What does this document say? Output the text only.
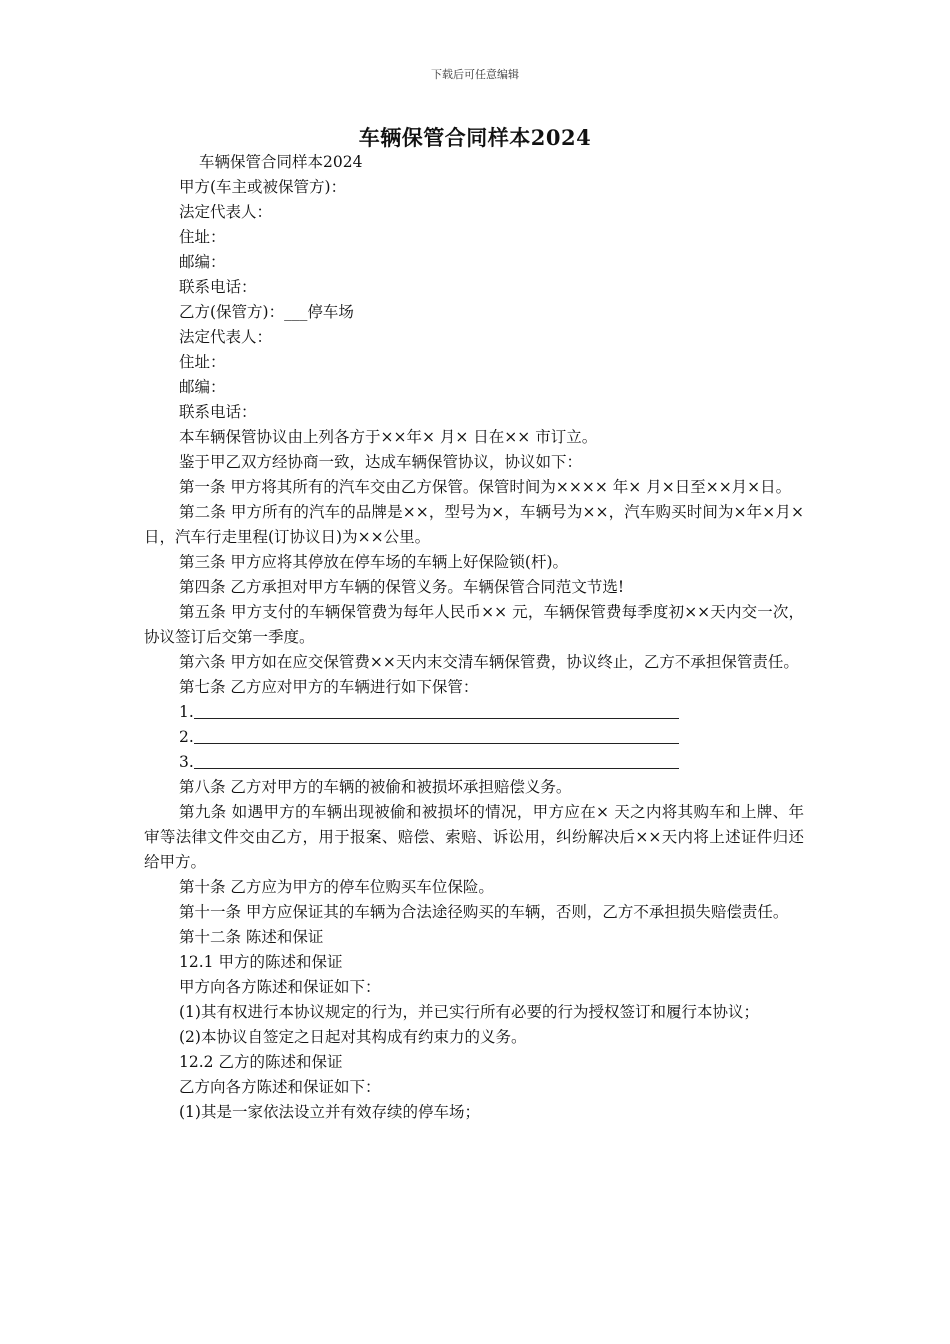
下载后可任意编辑
车辆保管合同样本2024

车辆保管合同样本2024

甲方(车主或被保管方)：

法定代表人：

住址：

邮编：

联系电话：

乙方(保管方)：___停车场

法定代表人：

住址：

邮编：

联系电话：

本车辆保管协议由上列各方于××年× 月× 日在×× 市订立。

鉴于甲乙双方经协商一致，达成车辆保管协议，协议如下：

第一条 甲方将其所有的汽车交由乙方保管。保管时间为×××× 年× 月×日至××月×日。

第二条 甲方所有的汽车的品牌是××，型号为×，车辆号为××，汽车购买时间为×年×月×日，汽车行走里程(订协议日)为××公里。

第三条 甲方应将其停放在停车场的车辆上好保险锁(杆)。

第四条 乙方承担对甲方车辆的保管义务。车辆保管合同范文节选!

第五条 甲方支付的车辆保管费为每年人民币×× 元，车辆保管费每季度初××天内交一次，协议签订后交第一季度。

第六条 甲方如在应交保管费××天内末交清车辆保管费，协议终止，乙方不承担保管责任。

第七条 乙方应对甲方的车辆进行如下保管：

1.

2.

3.

第八条 乙方对甲方的车辆的被偷和被损坏承担赔偿义务。

第九条 如遇甲方的车辆出现被偷和被损坏的情况，甲方应在× 天之内将其购车和上牌、年审等法律文件交由乙方，用于报案、赔偿、索赔、诉讼用，纠纷解决后××天内将上述证件归还给甲方。

第十条 乙方应为甲方的停车位购买车位保险。

第十一条 甲方应保证其的车辆为合法途径购买的车辆，否则，乙方不承担损失赔偿责任。

第十二条 陈述和保证

12.1 甲方的陈述和保证

甲方向各方陈述和保证如下：

(1)其有权进行本协议规定的行为，并已实行所有必要的行为授权签订和履行本协议；

(2)本协议自签定之日起对其构成有约束力的义务。

12.2 乙方的陈述和保证

乙方向各方陈述和保证如下：

(1)其是一家依法设立并有效存续的停车场；
